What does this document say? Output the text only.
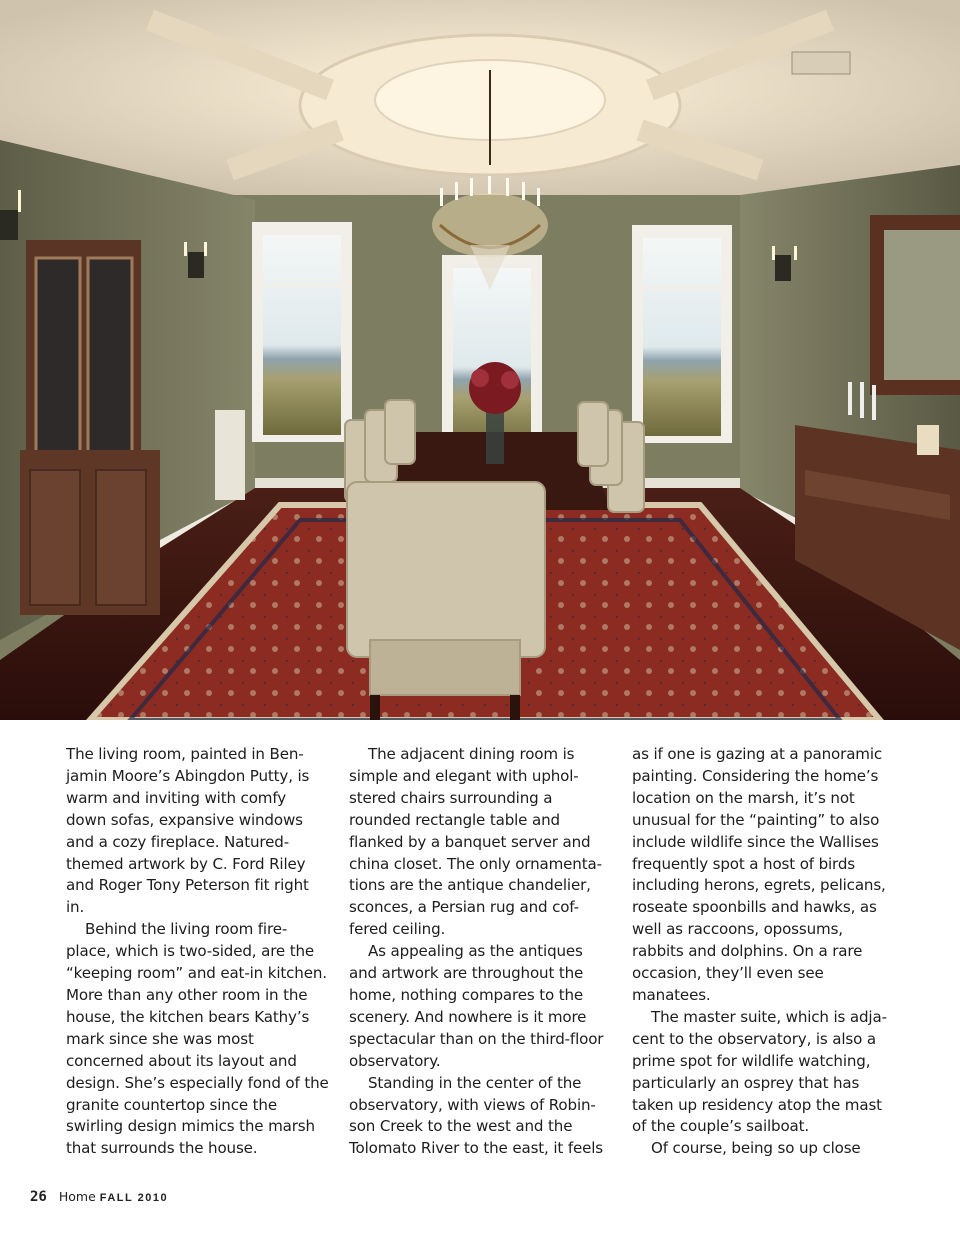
The living room, painted in Ben- jamin Moore’s Abingdon Putty, is warm and inviting with comfy down sofas, expansive windows and a cozy fireplace. Natured- themed artwork by C. Ford Riley and Roger Tony Peterson fit right in.

Behind the living room fire- place, which is two-sided, are the “keeping room” and eat-in kitchen. More than any other room in the house, the kitchen bears Kathy’s mark since she was most concerned about its layout and design. She’s especially fond of the granite countertop since the swirling design mimics the marsh that surrounds the house.

The adjacent dining room is simple and elegant with uphol- stered chairs surrounding a rounded rectangle table and flanked by a banquet server and china closet. The only ornamenta- tions are the antique chandelier, sconces, a Persian rug and cof- fered ceiling.

As appealing as the antiques and artwork are throughout the home, nothing compares to the scenery. And nowhere is it more spectacular than on the third-floor observatory.

Standing in the center of the observatory, with views of Robin- son Creek to the west and the Tolomato River to the east, it feels

as if one is gazing at a panoramic painting. Considering the home’s location on the marsh, it’s not unusual for the “painting” to also include wildlife since the Wallises frequently spot a host of birds including herons, egrets, pelicans, roseate spoonbills and hawks, as well as raccoons, opossums, rabbits and dolphins. On a rare occasion, they’ll even see manatees.

The master suite, which is adja- cent to the observatory, is also a prime spot for wildlife watching, particularly an osprey that has taken up residency atop the mast of the couple’s sailboat.

Of course, being so up close

26 Home FALL 2010
